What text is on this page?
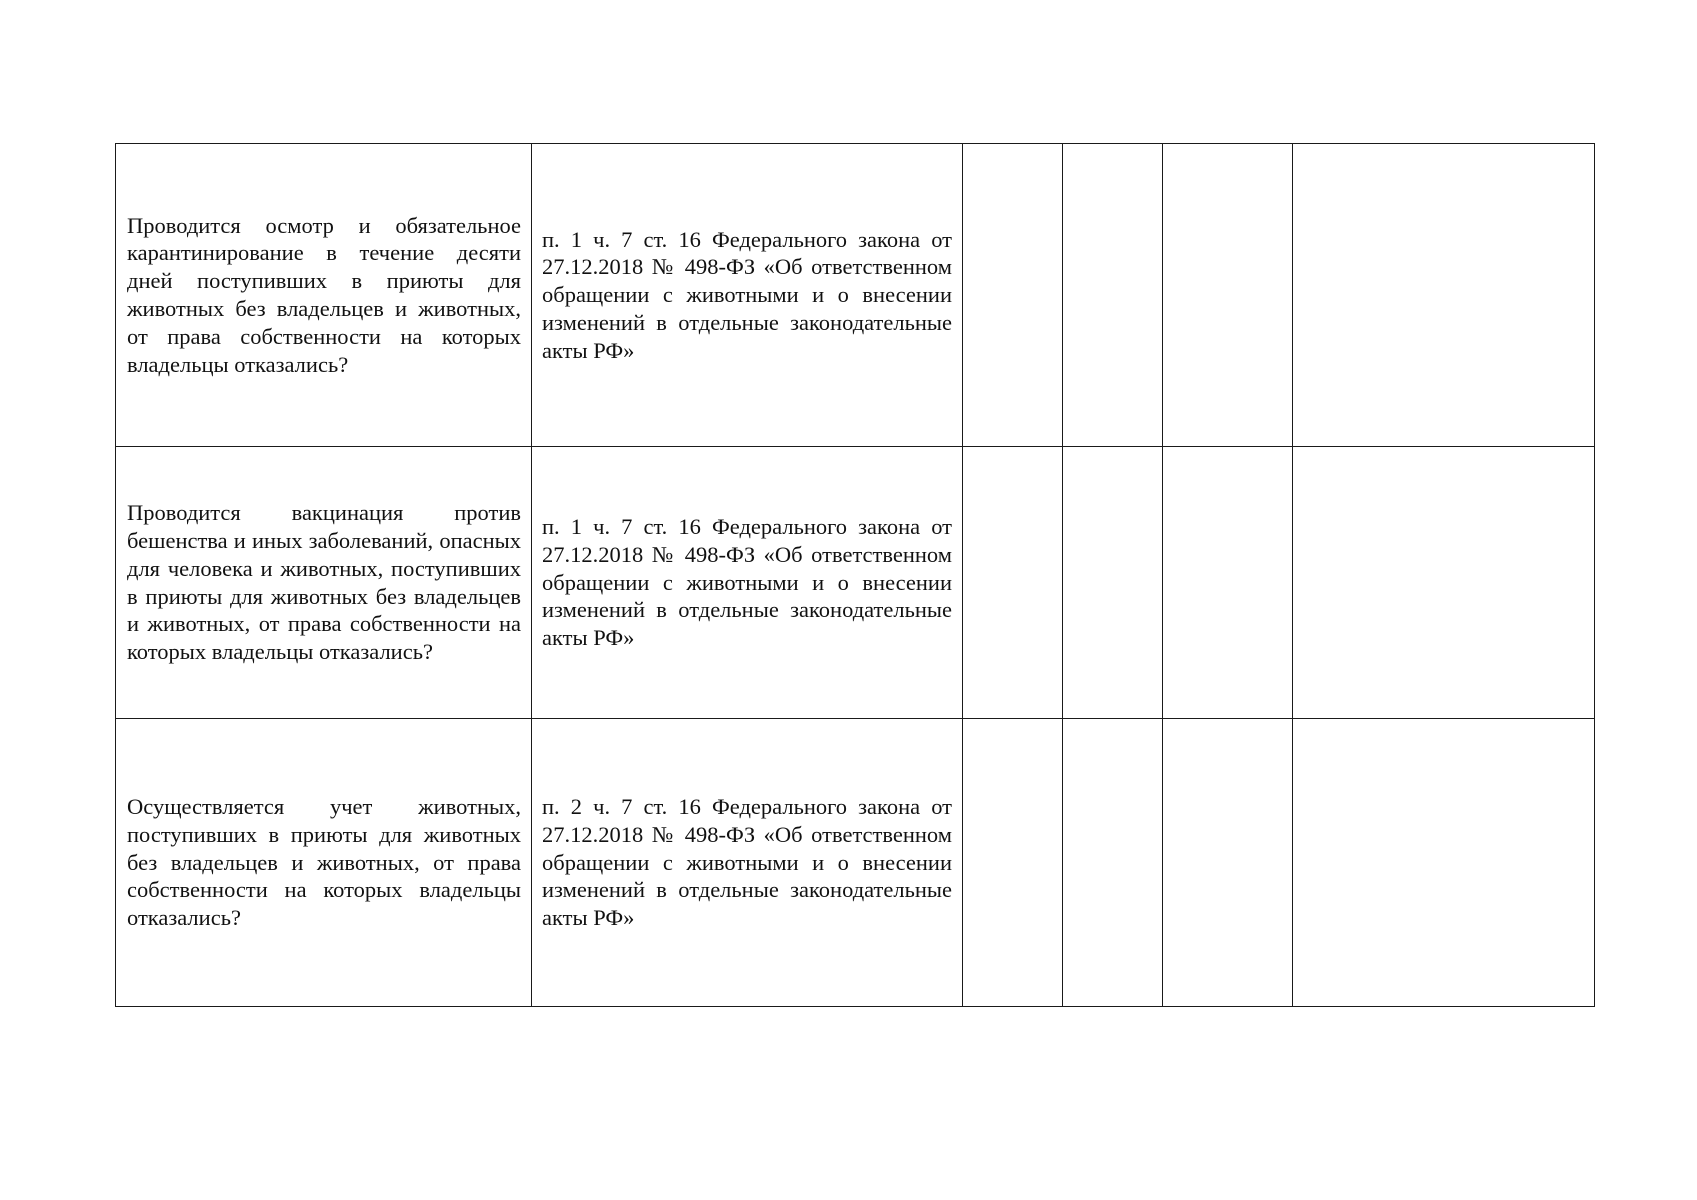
Проводится осмотр и обязательное карантинирование в течение десяти дней поступивших в приюты для животных без владельцев и животных, от права собственности на которых владельцы отказались?	п. 1 ч. 7 ст. 16 Федерального закона от 27.12.2018 № 498-ФЗ «Об ответственном обращении с животными и о внесении изменений в отдельные законодательные акты РФ»				

Проводится вакцинация против бешенства и иных заболеваний, опасных для человека и животных, поступивших в приюты для животных без владельцев и животных, от права собственности на которых владельцы отказались?	п. 1 ч. 7 ст. 16 Федерального закона от 27.12.2018 № 498-ФЗ «Об ответственном обращении с животными и о внесении изменений в отдельные законодательные акты РФ»				

Осуществляется учет животных, поступивших в приюты для животных без владельцев и животных, от права собственности на которых владельцы отказались?	п. 2 ч. 7 ст. 16 Федерального закона от 27.12.2018 № 498-ФЗ «Об ответственном обращении с животными и о внесении изменений в отдельные законодательные акты РФ»				
